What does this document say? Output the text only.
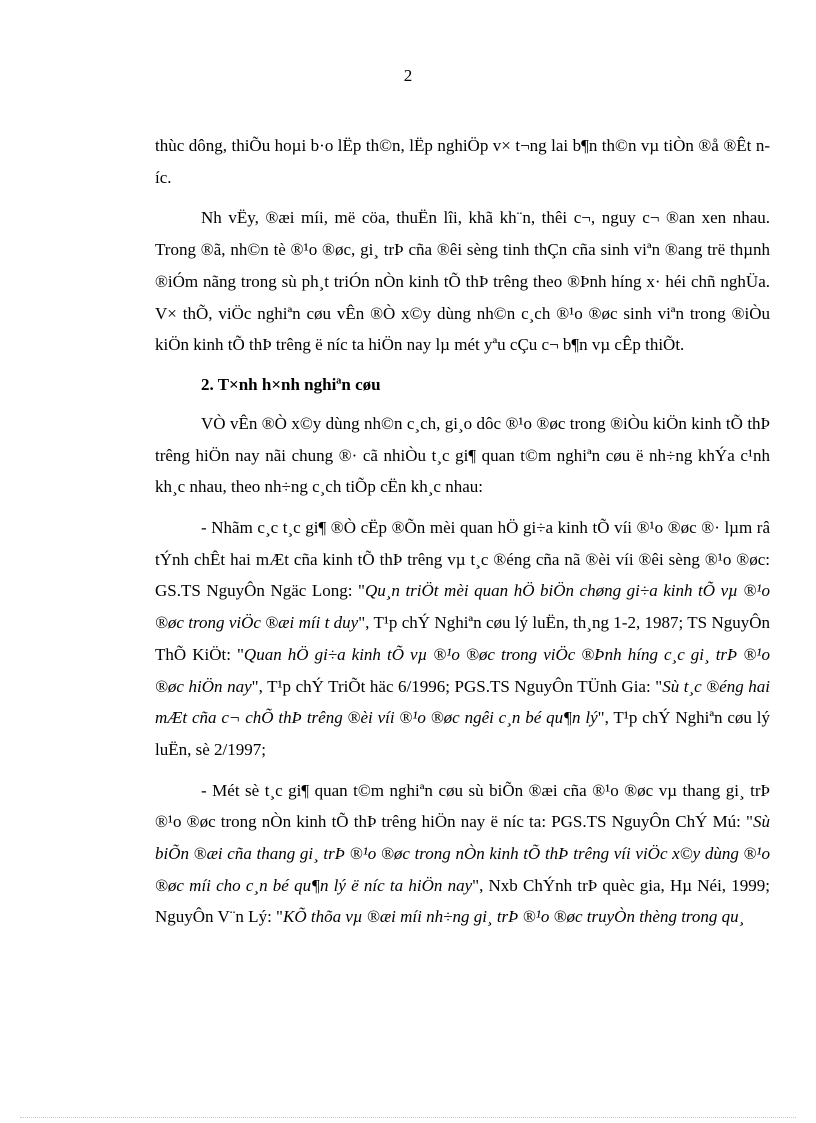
2

thùc dông, thiÕu hoµi b·o lËp th©n, lËp nghiÖp v× t¬ng lai b¶n th©n vµ tiÒn ®å ®Êt níc.

Nh vËy, ®æi míi, më cöa, thuËn lîi, khã kh¨n, thêi c¬, nguy c¬ ®an xen nhau. Trong ®ã, nh©n tè ®¹o ®øc, gi¸ trÞ cña ®êi sèng tinh thÇn cña sinh viªn ®ang trë thµnh ®iÓm nãng trong sù ph¸t triÓn nÒn kinh tÕ thÞ trêng theo ®Þnh híng x· héi chñ nghÜa. V× thÕ, viÖc nghiªn cøu vÊn ®Ò x©y dùng nh©n c¸ch ®¹o ®øc sinh viªn trong ®iÒu kiÖn kinh tÕ thÞ trêng ë níc ta hiÖn nay lµ mét yªu cÇu c¬ b¶n vµ cÊp thiÕt.

2. T×nh h×nh nghiªn cøu

VÒ vÊn ®Ò x©y dùng nh©n c¸ch, gi¸o dôc ®¹o ®øc trong ®iÒu kiÖn kinh tÕ thÞ trêng hiÖn nay nãi chung ®· cã nhiÒu t¸c gi¶ quan t©m nghiªn cøu ë nh÷ng khÝa c¹nh kh¸c nhau, theo nh÷ng c¸ch tiÕp cËn kh¸c nhau:

- Nhãm c¸c t¸c gi¶ ®Ò cËp ®Õn mèi quan hÖ gi÷a kinh tÕ víi ®¹o ®øc ®· lµm râ tÝnh chÊt hai mÆt cña kinh tÕ thÞ trêng vµ t¸c ®éng cña nã ®èi víi ®êi sèng ®¹o ®øc: GS.TS NguyÔn Ngäc Long: "Qu¸n triÖt mèi quan hÖ biÖn chøng gi÷a kinh tÕ vµ ®¹o ®øc trong viÖc ®æi míi t duy", T¹p chÝ Nghiªn cøu lý luËn, th¸ng 1-2, 1987; TS NguyÔn ThÕ KiÖt: "Quan hÖ gi÷a kinh tÕ vµ ®¹o ®øc trong viÖc ®Þnh híng c¸c gi¸ trÞ ®¹o ®øc hiÖn nay", T¹p chÝ TriÕt häc 6/1996; PGS.TS NguyÔn TÜnh Gia: "Sù t¸c ®éng hai mÆt cña c¬ chÕ thÞ trêng ®èi víi ®¹o ®øc ngêi c¸n bé qu¶n lý", T¹p chÝ Nghiªn cøu lý luËn, sè 2/1997;

- Mét sè t¸c gi¶ quan t©m nghiªn cøu sù biÕn ®æi cña ®¹o ®øc vµ thang gi¸ trÞ ®¹o ®øc trong nÒn kinh tÕ thÞ trêng hiÖn nay ë níc ta: PGS.TS NguyÔn ChÝ Mú: "Sù biÕn ®æi cña thang gi¸ trÞ ®¹o ®øc trong nÒn kinh tÕ thÞ trêng víi viÖc x©y dùng ®¹o ®øc míi cho c¸n bé qu¶n lý ë níc ta hiÖn nay", Nxb ChÝnh trÞ quèc gia, Hµ Néi, 1999; NguyÔn V¨n Lý: "KÕ thõa vµ ®æi míi nh÷ng gi¸ trÞ ®¹o ®øc truyÒn thèng trong qu¸
